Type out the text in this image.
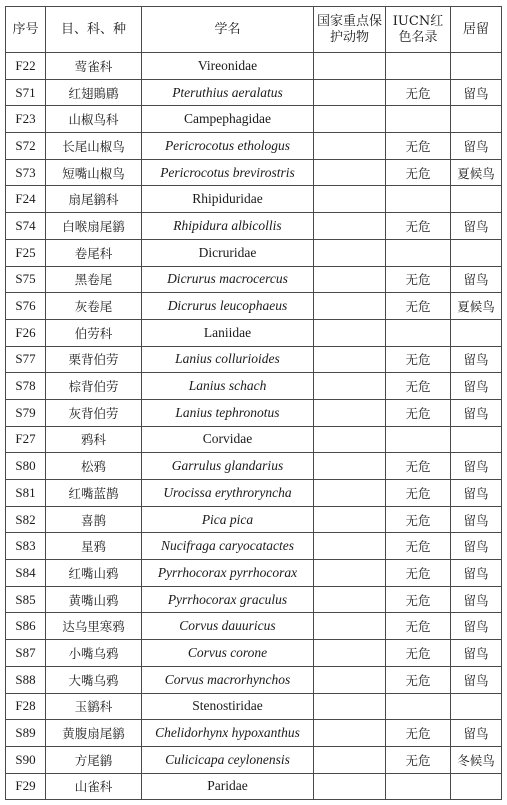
序号	目、科、种	学名	国家重点保护动物	IUCN红色名录	居留
F22	莺雀科	Vireonidae			
S71	红翅鵙鹛	Pteruthius aeralatus		无危	留鸟
F23	山椒鸟科	Campephagidae			
S72	长尾山椒鸟	Pericrocotus ethologus		无危	留鸟
S73	短嘴山椒鸟	Pericrocotus brevirostris		无危	夏候鸟
F24	扇尾鹟科	Rhipiduridae			
S74	白喉扇尾鹟	Rhipidura albicollis		无危	留鸟
F25	卷尾科	Dicruridae			
S75	黑卷尾	Dicrurus macrocercus		无危	留鸟
S76	灰卷尾	Dicrurus leucophaeus		无危	夏候鸟
F26	伯劳科	Laniidae			
S77	栗背伯劳	Lanius collurioides		无危	留鸟
S78	棕背伯劳	Lanius schach		无危	留鸟
S79	灰背伯劳	Lanius tephronotus		无危	留鸟
F27	鸦科	Corvidae			
S80	松鸦	Garrulus glandarius		无危	留鸟
S81	红嘴蓝鹊	Urocissa erythroryncha		无危	留鸟
S82	喜鹊	Pica pica		无危	留鸟
S83	星鸦	Nucifraga caryocatactes		无危	留鸟
S84	红嘴山鸦	Pyrrhocorax pyrrhocorax		无危	留鸟
S85	黄嘴山鸦	Pyrrhocorax graculus		无危	留鸟
S86	达乌里寒鸦	Corvus dauuricus		无危	留鸟
S87	小嘴乌鸦	Corvus corone		无危	留鸟
S88	大嘴乌鸦	Corvus macrorhynchos		无危	留鸟
F28	玉鹟科	Stenostiridae			
S89	黄腹扇尾鹟	Chelidorhynx hypoxanthus		无危	留鸟
S90	方尾鹟	Culicicapa ceylonensis		无危	冬候鸟
F29	山雀科	Paridae			
